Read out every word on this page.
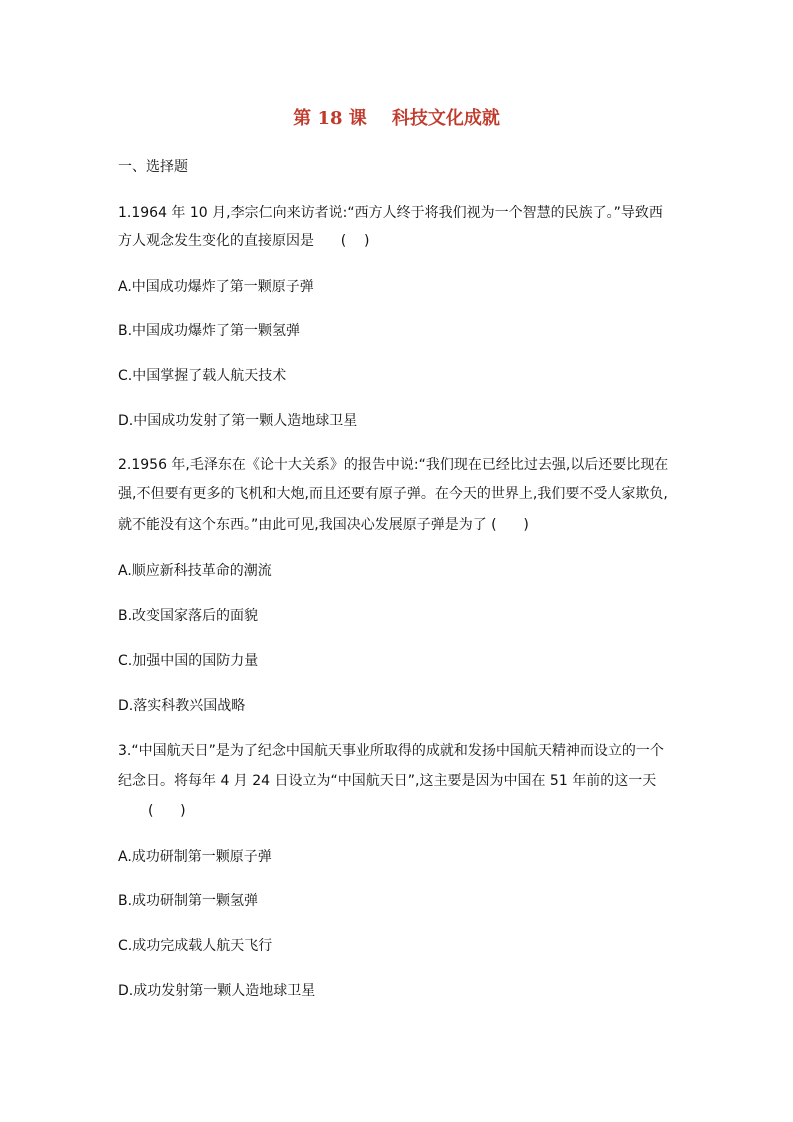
第 18 课    科技文化成就
一、选择题
1.1964 年 10 月,李宗仁向来访者说:“西方人终于将我们视为一个智慧的民族了。”导致西
方人观念发生变化的直接原因是      (    )
A.中国成功爆炸了第一颗原子弹
B.中国成功爆炸了第一颗氢弹
C.中国掌握了载人航天技术
D.中国成功发射了第一颗人造地球卫星
2.1956 年,毛泽东在《论十大关系》的报告中说:“我们现在已经比过去强,以后还要比现在
强,不但要有更多的飞机和大炮,而且还要有原子弹。在今天的世界上,我们要不受人家欺负,
就不能没有这个东西。”由此可见,我国决心发展原子弹是为了 (      )
A.顺应新科技革命的潮流
B.改变国家落后的面貌
C.加强中国的国防力量
D.落实科教兴国战略
3.“中国航天日”是为了纪念中国航天事业所取得的成就和发扬中国航天精神而设立的一个
纪念日。将每年 4 月 24 日设立为“中国航天日”,这主要是因为中国在 51 年前的这一天
(      )
A.成功研制第一颗原子弹
B.成功研制第一颗氢弹
C.成功完成载人航天飞行
D.成功发射第一颗人造地球卫星
